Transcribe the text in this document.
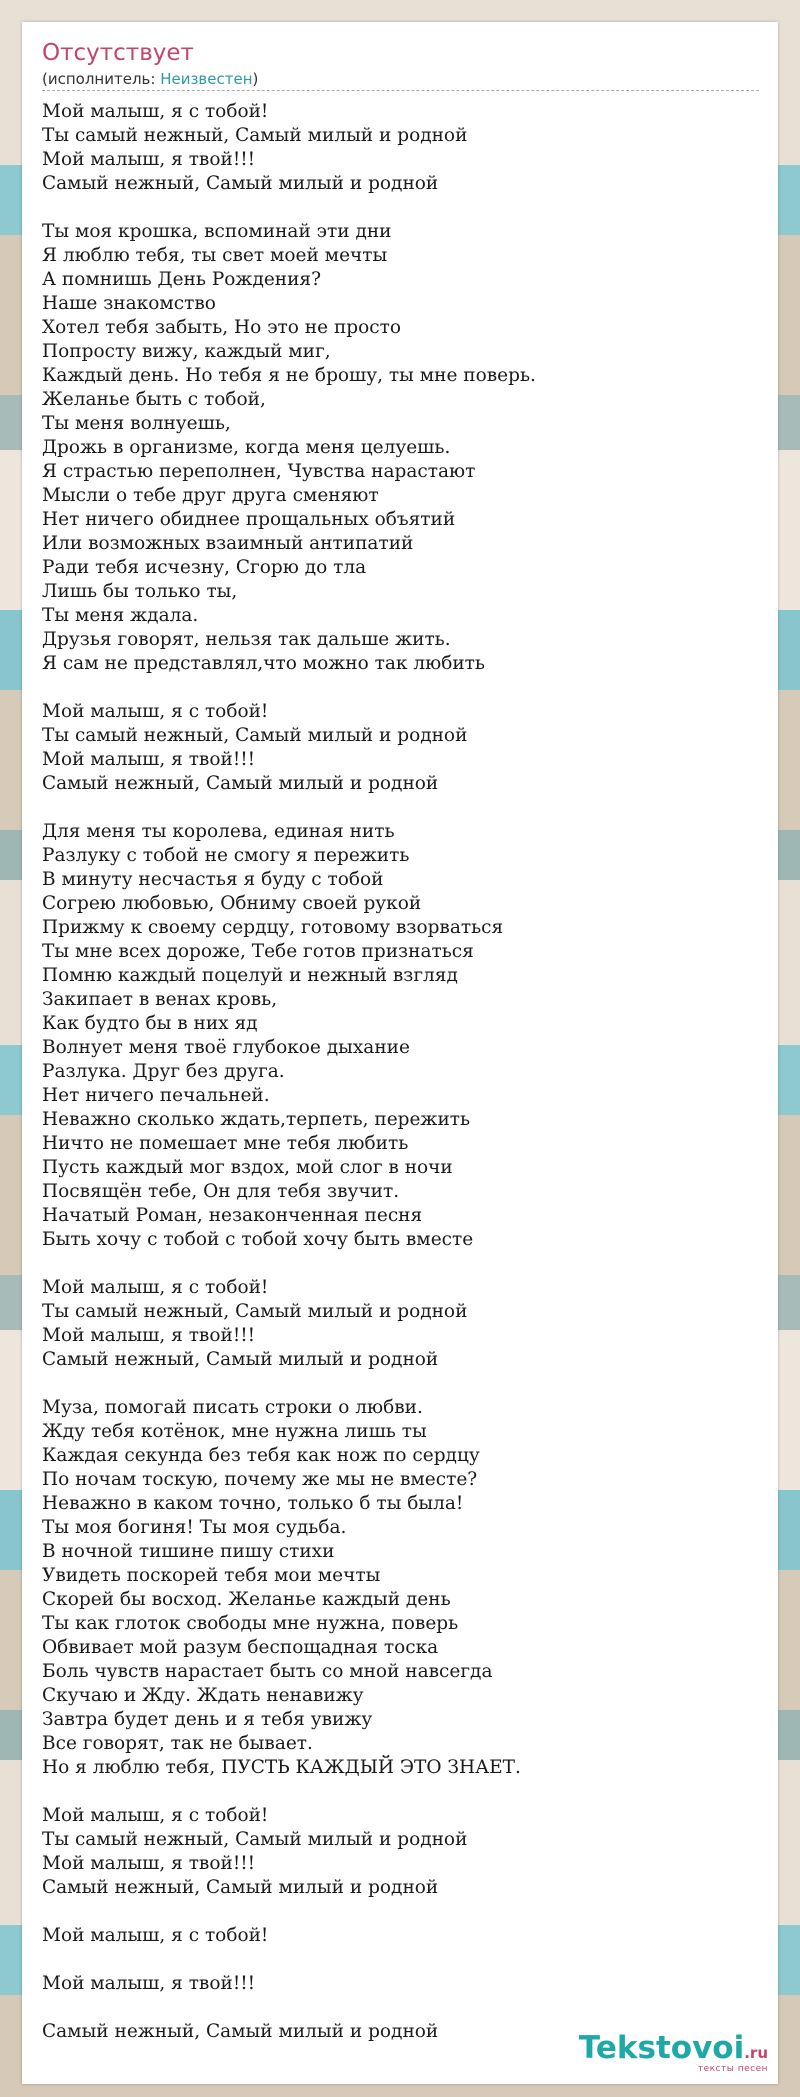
Отсутствует
(исполнитель: Неизвестен)
Мой малыш, я с тобой!
Ты самый нежный, Самый милый и родной
Мой малыш, я твой!!!
Самый нежный, Самый милый и родной

Ты моя крошка, вспоминай эти дни
Я люблю тебя, ты свет моей мечты
А помнишь День Рождения?
Наше знакомство
Хотел тебя забыть, Но это не просто
Попросту вижу, каждый миг,
Каждый день. Но тебя я не брошу, ты мне поверь.
Желанье быть с тобой,
Ты меня волнуешь,
Дрожь в организме, когда меня целуешь.
Я страстью переполнен, Чувства нарастают
Мысли о тебе друг друга сменяют
Нет ничего обиднее прощальных объятий
Или возможных взаимный антипатий
Ради тебя исчезну, Сгорю до тла
Лишь бы только ты,
Ты меня ждала.
Друзья говорят, нельзя так дальше жить.
Я сам не представлял,что можно так любить

Мой малыш, я с тобой!
Ты самый нежный, Самый милый и родной
Мой малыш, я твой!!!
Самый нежный, Самый милый и родной

Для меня ты королева, единая нить
Разлуку с тобой не смогу я пережить
В минуту несчастья я буду с тобой
Согрею любовью, Обниму своей рукой
Прижму к своему сердцу, готовому взорваться
Ты мне всех дороже, Тебе готов признаться
Помню каждый поцелуй и нежный взгляд
Закипает в венах кровь,
Как будто бы в них яд
Волнует меня твоё глубокое дыхание
Разлука. Друг без друга.
Нет ничего печальней.
Неважно сколько ждать,терпеть, пережить
Ничто не помешает мне тебя любить
Пусть каждый мог вздох, мой слог в ночи
Посвящён тебе, Он для тебя звучит.
Начатый Роман, незаконченная песня
Быть хочу с тобой с тобой хочу быть вместе

Мой малыш, я с тобой!
Ты самый нежный, Самый милый и родной
Мой малыш, я твой!!!
Самый нежный, Самый милый и родной

Муза, помогай писать строки о любви.
Жду тебя котёнок, мне нужна лишь ты
Каждая секунда без тебя как нож по сердцу
По ночам тоскую, почему же мы не вместе?
Неважно в каком точно, только б ты была!
Ты моя богиня! Ты моя судьба.
В ночной тишине пишу стихи
Увидеть поскорей тебя мои мечты
Скорей бы восход. Желанье каждый день
Ты как глоток свободы мне нужна, поверь
Обвивает мой разум беспощадная тоска
Боль чувств нарастает быть со мной навсегда
Скучаю и Жду. Ждать ненавижу
Завтра будет день и я тебя увижу
Все говорят, так не бывает.
Но я люблю тебя, ПУСТЬ КАЖДЫЙ ЭТО ЗНАЕТ.

Мой малыш, я с тобой!
Ты самый нежный, Самый милый и родной
Мой малыш, я твой!!!
Самый нежный, Самый милый и родной

Мой малыш, я с тобой!

Мой малыш, я твой!!!

Самый нежный, Самый милый и родной	Tekstovoi.ru
тексты песен
